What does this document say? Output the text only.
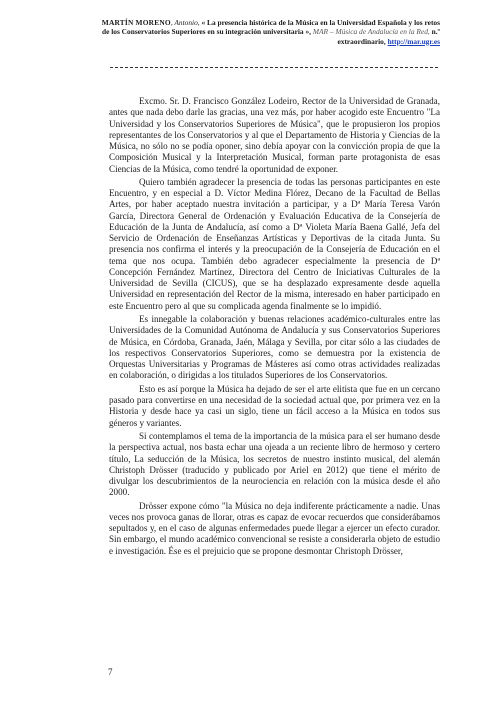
MARTÍN MORENO, Antonio, « La presencia histórica de la Música en la Universidad Española y los retos de los Conservatorios Superiores en su integración universitaria », MAR – Música de Andalucía en la Red, n.º extraordinario, http://mar.ugr.es

Excmo. Sr. D. Francisco González Lodeiro, Rector de la Universidad de Granada, antes que nada debo darle las gracias, una vez más, por haber acogido este Encuentro "La Universidad y los Conservatorios Superiores de Música", que le propusieron los propios representantes de los Conservatorios y al que el Departamento de Historia y Ciencias de la Música, no sólo no se podía oponer, sino debía apoyar con la convicción propia de que la Composición Musical y la Interpretación Musical, forman parte protagonista de esas Ciencias de la Música, como tendré la oportunidad de exponer.

Quiero también agradecer la presencia de todas las personas participantes en este Encuentro, y en especial a D. Víctor Medina Flórez, Decano de la Facultad de Bellas Artes, por haber aceptado nuestra invitación a participar, y a Dª María Teresa Varón García, Directora General de Ordenación y Evaluación Educativa de la Consejería de Educación de la Junta de Andalucía, así como a Dª Violeta María Baena Gallé, Jefa del Servicio de Ordenación de Enseñanzas Artísticas y Deportivas de la citada Junta. Su presencia nos confirma el interés y la preocupación de la Consejería de Educación en el tema que nos ocupa. También debo agradecer especialmente la presencia de Dª Concepción Fernández Martínez, Directora del Centro de Iniciativas Culturales de la Universidad de Sevilla (CICUS), que se ha desplazado expresamente desde aquella Universidad en representación del Rector de la misma, interesado en haber participado en este Encuentro pero al que su complicada agenda finalmente se lo impidió.

Es innegable la colaboración y buenas relaciones académico-culturales entre las Universidades de la Comunidad Autónoma de Andalucía y sus Conservatorios Superiores de Música, en Córdoba, Granada, Jaén, Málaga y Sevilla, por citar sólo a las ciudades de los respectivos Conservatorios Superiores, como se demuestra por la existencia de Orquestas Universitarias y Programas de Másteres así como otras actividades realizadas en colaboración, o dirigidas a los titulados Superiores de los Conservatorios.

Esto es así porque la Música ha dejado de ser el arte elitista que fue en un cercano pasado para convertirse en una necesidad de la sociedad actual que, por primera vez en la Historia y desde hace ya casi un siglo, tiene un fácil acceso a la Música en todos sus géneros y variantes.

Si contemplamos el tema de la importancia de la música para el ser humano desde la perspectiva actual, nos basta echar una ojeada a un reciente libro de hermoso y certero título, La seducción de la Música, los secretos de nuestro instinto musical, del alemán Christoph Drösser (traducido y publicado por Ariel en 2012) que tiene el mérito de divulgar los descubrimientos de la neurociencia en relación con la música desde el año 2000.

Drösser expone cómo "la Música no deja indiferente prácticamente a nadie. Unas veces nos provoca ganas de llorar, otras es capaz de evocar recuerdos que considerábamos sepultados y, en el caso de algunas enfermedades puede llegar a ejercer un efecto curador. Sin embargo, el mundo académico convencional se resiste a considerarla objeto de estudio e investigación. Ése es el prejuicio que se propone desmontar Christoph Drösser,

7
